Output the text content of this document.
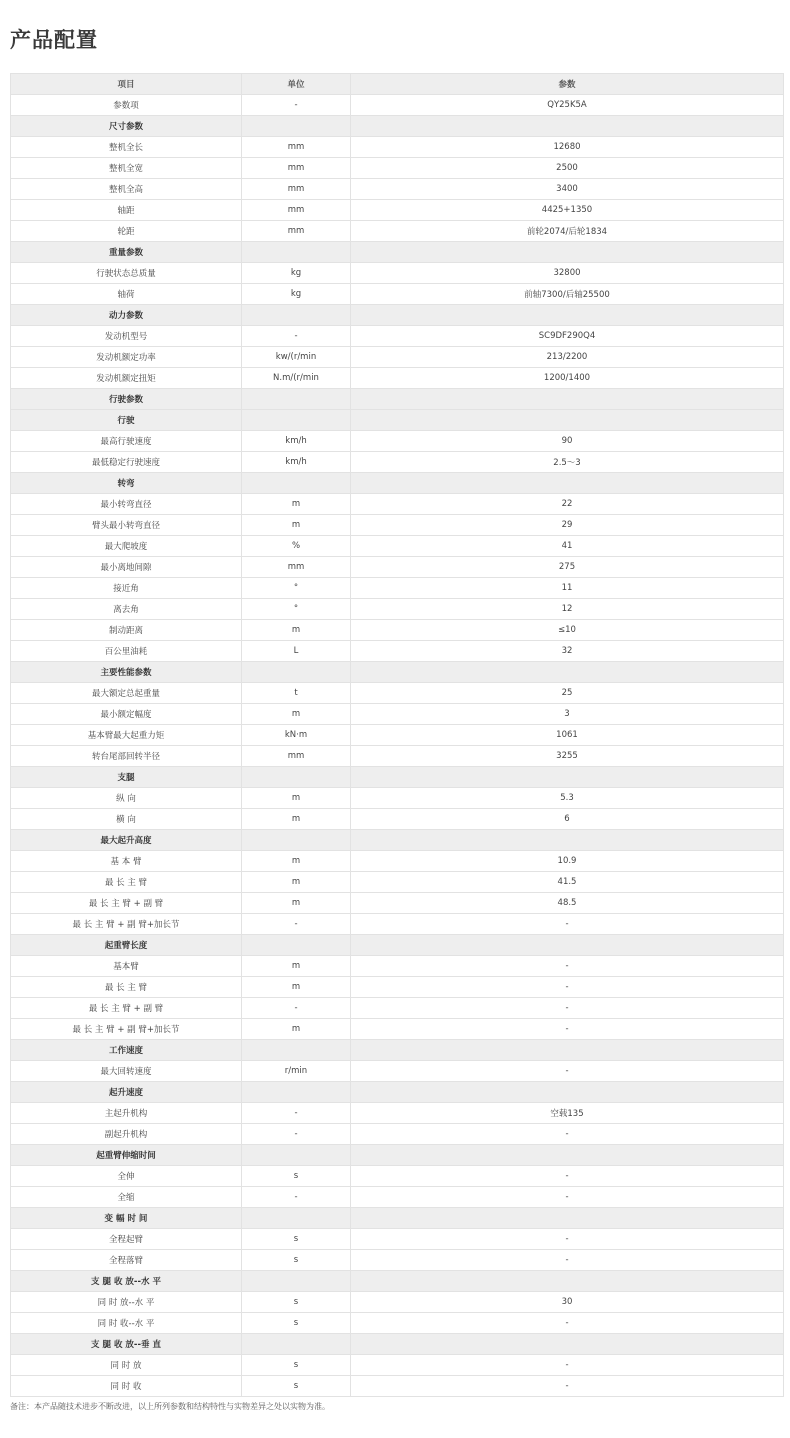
产品配置
项目	单位	参数
参数项	-	QY25K5A
尺寸参数		
整机全长	mm	12680
整机全宽	mm	2500
整机全高	mm	3400
轴距	mm	4425+1350
轮距	mm	前轮2074/后轮1834
重量参数		
行驶状态总质量	kg	32800
轴荷	kg	前轴7300/后轴25500
动力参数		
发动机型号	-	SC9DF290Q4
发动机额定功率	kw/(r/min	213/2200
发动机额定扭矩	N.m/(r/min	1200/1400
行驶参数		
行驶		
最高行驶速度	km/h	90
最低稳定行驶速度	km/h	2.5～3
转弯		
最小转弯直径	m	22
臂头最小转弯直径	m	29
最大爬坡度	%	41
最小离地间隙	mm	275
接近角	°	11
离去角	°	12
制动距离	m	≤10
百公里油耗	L	32
主要性能参数		
最大额定总起重量	t	25
最小额定幅度	m	3
基本臂最大起重力矩	kN·m	1061
转台尾部回转半径	mm	3255
支腿		
纵 向	m	5.3
横 向	m	6
最大起升高度		
基 本 臂	m	10.9
最 长 主 臂	m	41.5
最 长 主 臂 + 副 臂	m	48.5
最 长 主 臂 + 副 臂+加长节	-	-
起重臂长度		
基本臂	m	-
最 长 主 臂	m	-
最 长 主 臂 + 副 臂	-	-
最 长 主 臂 + 副 臂+加长节	m	-
工作速度		
最大回转速度	r/min	-
起升速度		
主起升机构	-	空载135
副起升机构	-	-
起重臂伸缩时间		
全伸	s	-
全缩	-	-
变 幅 时 间		
全程起臂	s	-
全程落臂	s	-
支 腿 收 放--水 平		
同 时 放--水 平	s	30
同 时 收--水 平	s	-
支 腿 收 放--垂 直		
同 时 放	s	-
同 时 收	s	-

备注：本产品随技术进步不断改进，以上所列参数和结构特性与实物差异之处以实物为准。
